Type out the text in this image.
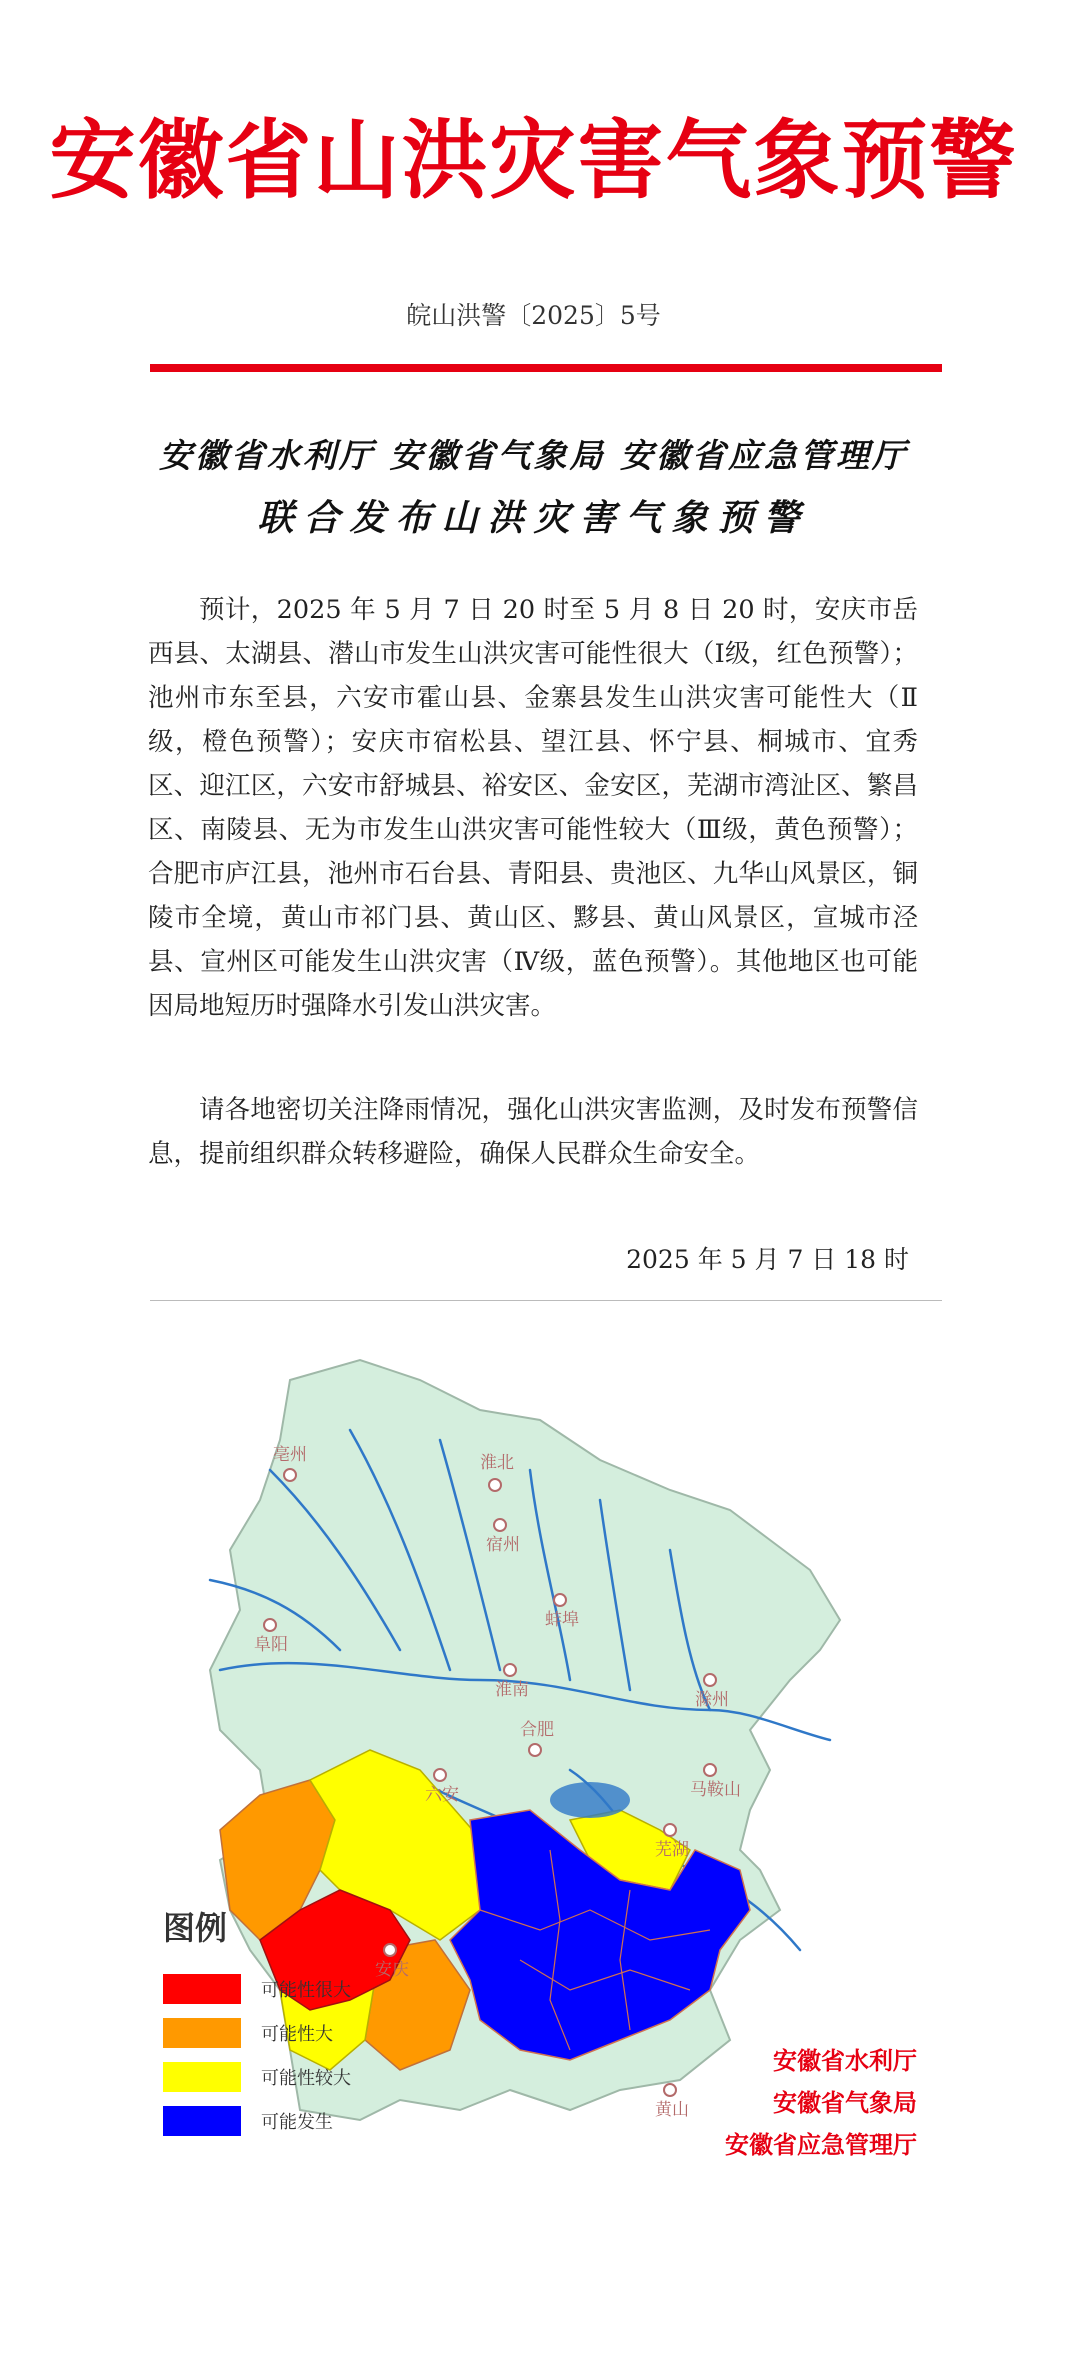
安徽省山洪灾害气象预警
皖山洪警〔2025〕5号
安徽省水利厅 安徽省气象局 安徽省应急管理厅
联合发布山洪灾害气象预警

预计，2025 年 5 月 7 日 20 时至 5 月 8 日 20 时，安庆市岳西县、太湖县、潜山市发生山洪灾害可能性很大（Ⅰ级，红色预警）；池州市东至县，六安市霍山县、金寨县发生山洪灾害可能性大（Ⅱ级，橙色预警）；安庆市宿松县、望江县、怀宁县、桐城市、宜秀区、迎江区，六安市舒城县、裕安区、金安区，芜湖市湾沚区、繁昌区、南陵县、无为市发生山洪灾害可能性较大（Ⅲ级，黄色预警）；合肥市庐江县，池州市石台县、青阳县、贵池区、九华山风景区，铜陵市全境，黄山市祁门县、黄山区、黟县、黄山风景区，宣城市泾县、宣州区可能发生山洪灾害（Ⅳ级，蓝色预警）。其他地区也可能因局地短历时强降水引发山洪灾害。

请各地密切关注降雨情况，强化山洪灾害监测，及时发布预警信息，提前组织群众转移避险，确保人民群众生命安全。

2025 年 5 月 7 日 18 时
亳州	淮北
宿州
阜阳
蚌埠
淮南	滁州
六安
合肥
马鞍山
芜湖
安庆
黄山
图例
可能性很大
可能性大
可能性较大
可能发生
安徽省水利厅
安徽省气象局
安徽省应急管理厅
